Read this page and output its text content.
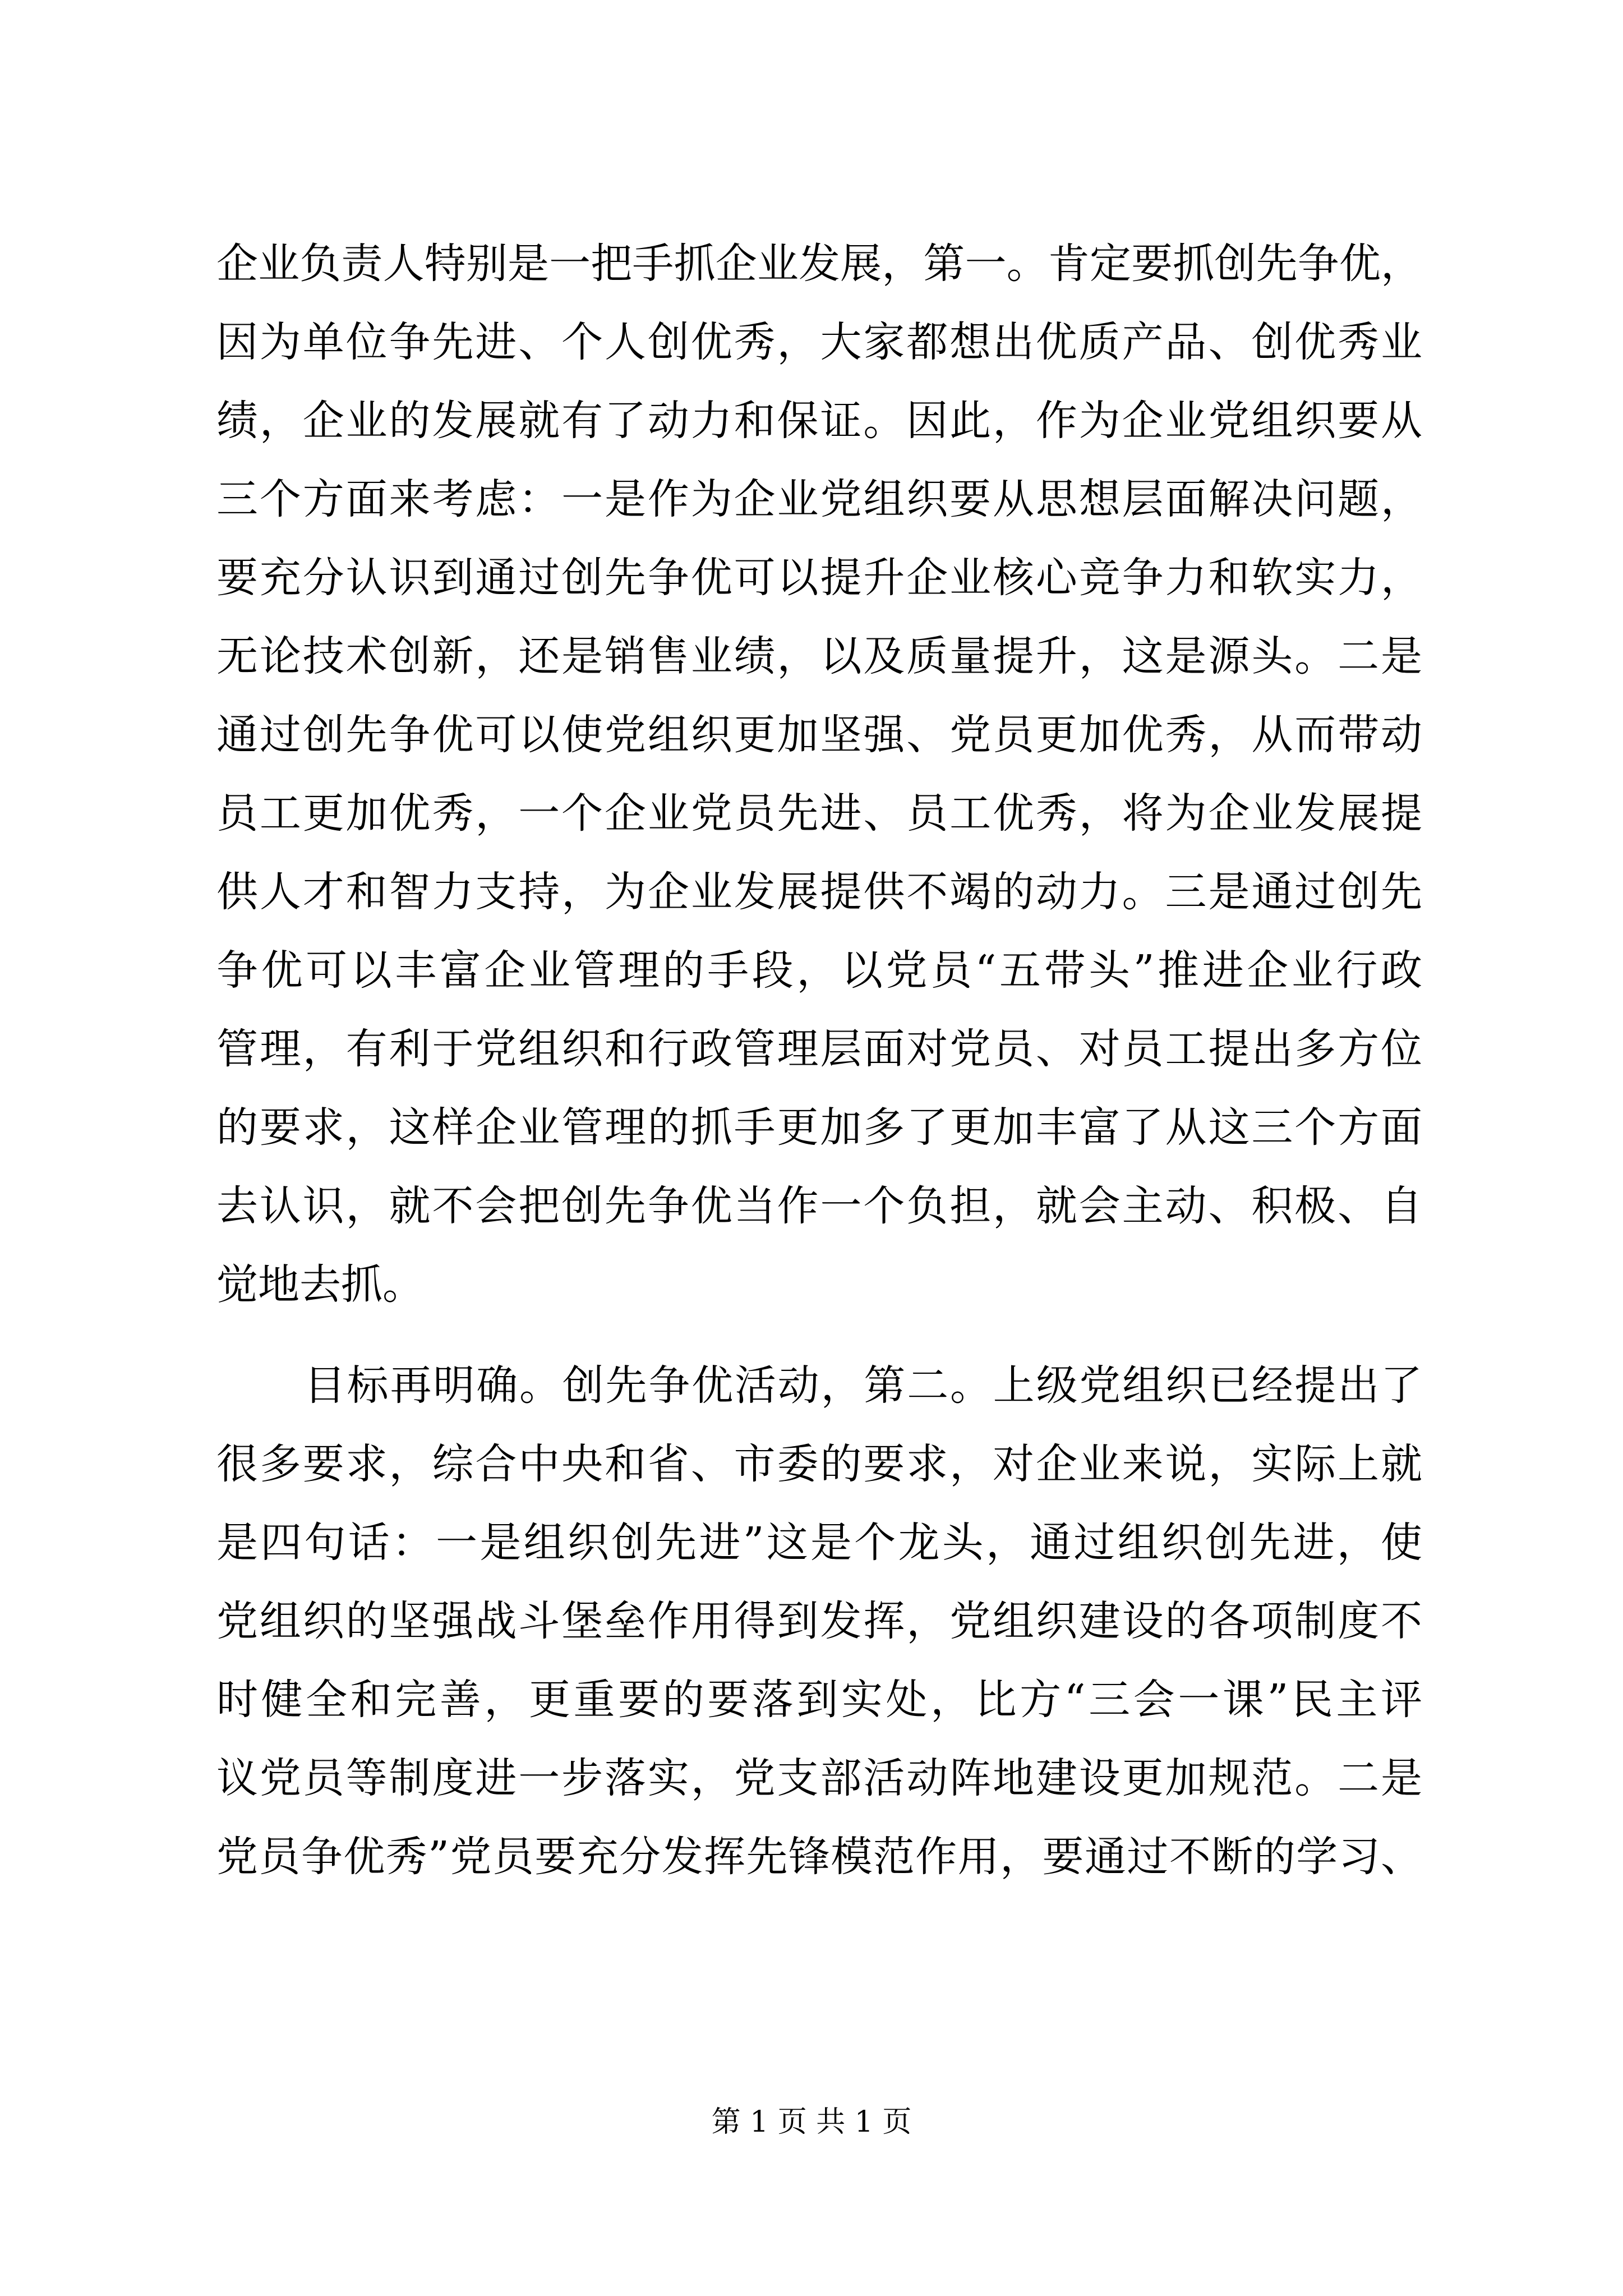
企业负责人特别是一把手抓企业发展，第一。肯定要抓创先争优，
因为单位争先进、个人创优秀，大家都想出优质产品、创优秀业
绩，企业的发展就有了动力和保证。因此，作为企业党组织要从
三个方面来考虑：一是作为企业党组织要从思想层面解决问题，
要充分认识到通过创先争优可以提升企业核心竞争力和软实力，
无论技术创新，还是销售业绩，以及质量提升，这是源头。二是
通过创先争优可以使党组织更加坚强、党员更加优秀，从而带动
员工更加优秀，一个企业党员先进、员工优秀，将为企业发展提
供人才和智力支持，为企业发展提供不竭的动力。三是通过创先
争优可以丰富企业管理的手段，以党员“五带头”推进企业行政
管理，有利于党组织和行政管理层面对党员、对员工提出多方位
的要求，这样企业管理的抓手更加多了更加丰富了从这三个方面
去认识，就不会把创先争优当作一个负担，就会主动、积极、自
觉地去抓。
目标再明确。创先争优活动，第二。上级党组织已经提出了
很多要求，综合中央和省、市委的要求，对企业来说，实际上就
是四句话：一是组织创先进”这是个龙头，通过组织创先进，使
党组织的坚强战斗堡垒作用得到发挥，党组织建设的各项制度不
时健全和完善，更重要的要落到实处，比方“三会一课”民主评
议党员等制度进一步落实，党支部活动阵地建设更加规范。二是
党员争优秀”党员要充分发挥先锋模范作用，要通过不断的学习、
第 1 页 共 1 页
